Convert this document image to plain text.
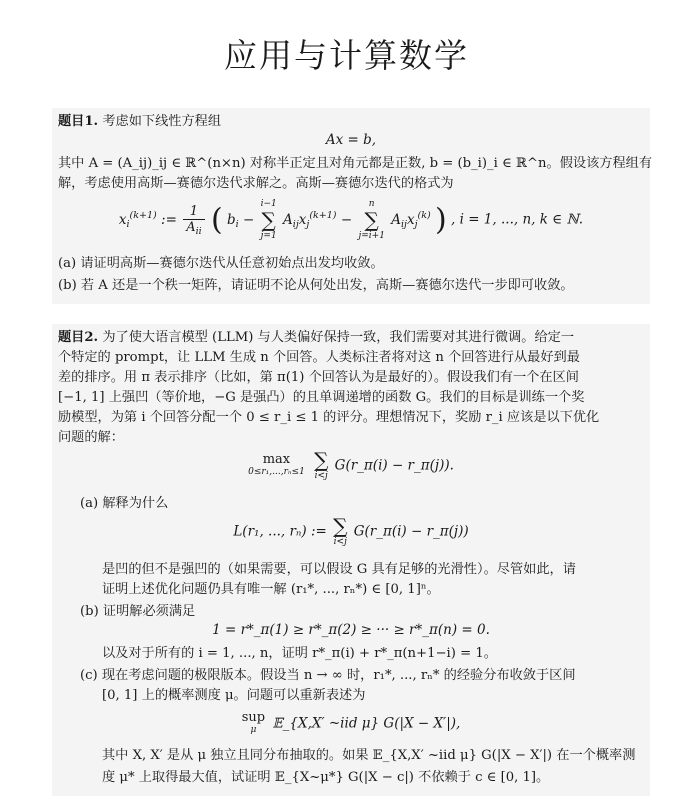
应用与计算数学
题目1. 考虑如下线性方程组
Ax = b,
其中 A = (A_ij)_ij ∈ ℝ^(n×n) 对称半正定且对角元都是正数, b = (b_i)_i ∈ ℝ^n。假设该方程组有
解，考虑使用高斯—赛德尔迭代求解之。高斯—赛德尔迭代的格式为
$x_i^{(k+1)}$ := $\frac{1}{A_{ii}}$ ( $b_i$ −
i−1
∑
j=1
$A_{ij}x_j^{(k+1)}$ −
n
∑
j=i+1
$A_{ij}x_j^{(k)}$ ) , i = 1, ..., n, k ∈ ℕ.
(a) 请证明高斯—赛德尔迭代从任意初始点出发均收敛。
(b) 若 A 还是一个秩一矩阵，请证明不论从何处出发，高斯—赛德尔迭代一步即可收敛。
题目2. 为了使大语言模型 (LLM) 与人类偏好保持一致，我们需要对其进行微调。给定一
个特定的 prompt，让 LLM 生成 n 个回答。人类标注者将对这 n 个回答进行从最好到最
差的排序。用 π 表示排序（比如，第 π(1) 个回答认为是最好的）。假设我们有一个在区间
[−1, 1] 上强凹（等价地，−G 是强凸）的且单调递增的函数 G。我们的目标是训练一个奖
励模型，为第 i 个回答分配一个 0 ≤ r_i ≤ 1 的评分。理想情况下，奖励 r_i 应该是以下优化
问题的解：
max
0≤r₁,...,rₙ≤1
∑
i<j
G(r_π(i) − r_π(j)).
(a) 解释为什么
L(r₁, ..., rₙ) := ∑
i<j
G(r_π(i) − r_π(j))
是凹的但不是强凹的（如果需要，可以假设 G 具有足够的光滑性）。尽管如此，请
证明上述优化问题仍具有唯一解 (r₁*, ..., rₙ*) ∈ [0, 1]ⁿ。
(b) 证明解必须满足
1 = r*_π(1) ≥ r*_π(2) ≥ ··· ≥ r*_π(n) = 0.
以及对于所有的 i = 1, ..., n，证明 r*_π(i) + r*_π(n+1−i) = 1。
(c) 现在考虑问题的极限版本。假设当 n → ∞ 时，r₁*, ..., rₙ* 的经验分布收敛于区间
[0, 1] 上的概率测度 μ。问题可以重新表述为
sup
μ	𝔼_{X,X′ ~iid μ} G(|X − X′|),
其中 X, X′ 是从 μ 独立且同分布抽取的。如果 𝔼_{X,X′ ~iid μ} G(|X − X′|) 在一个概率测
度 μ* 上取得最大值，试证明 𝔼_{X~μ*} G(|X − c|) 不依赖于 c ∈ [0, 1]。
